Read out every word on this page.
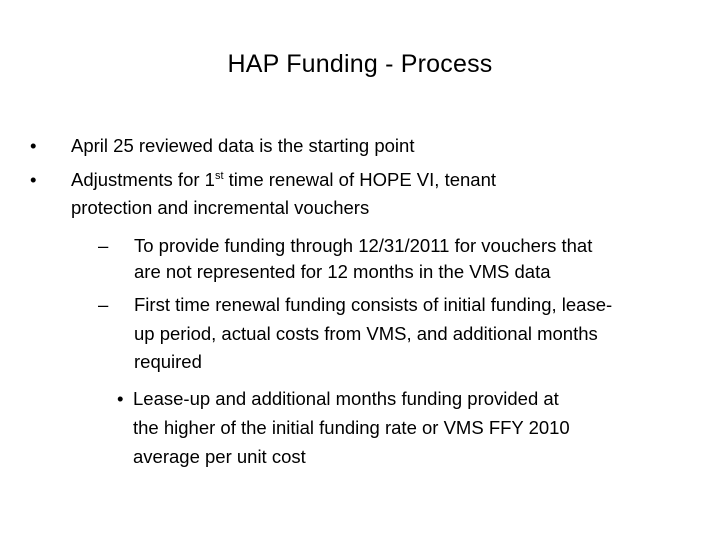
HAP Funding - Process
• April 25 reviewed data is the starting point
• Adjustments for 1st time renewal of HOPE VI, tenant
protection and incremental vouchers
– To provide funding through 12/31/2011 for vouchers that
are not represented for 12 months in the VMS data
– First time renewal funding consists of initial funding, lease-
up period, actual costs from VMS, and additional months
required
• Lease-up and additional months funding provided at
the higher of the initial funding rate or VMS FFY 2010
average per unit cost
